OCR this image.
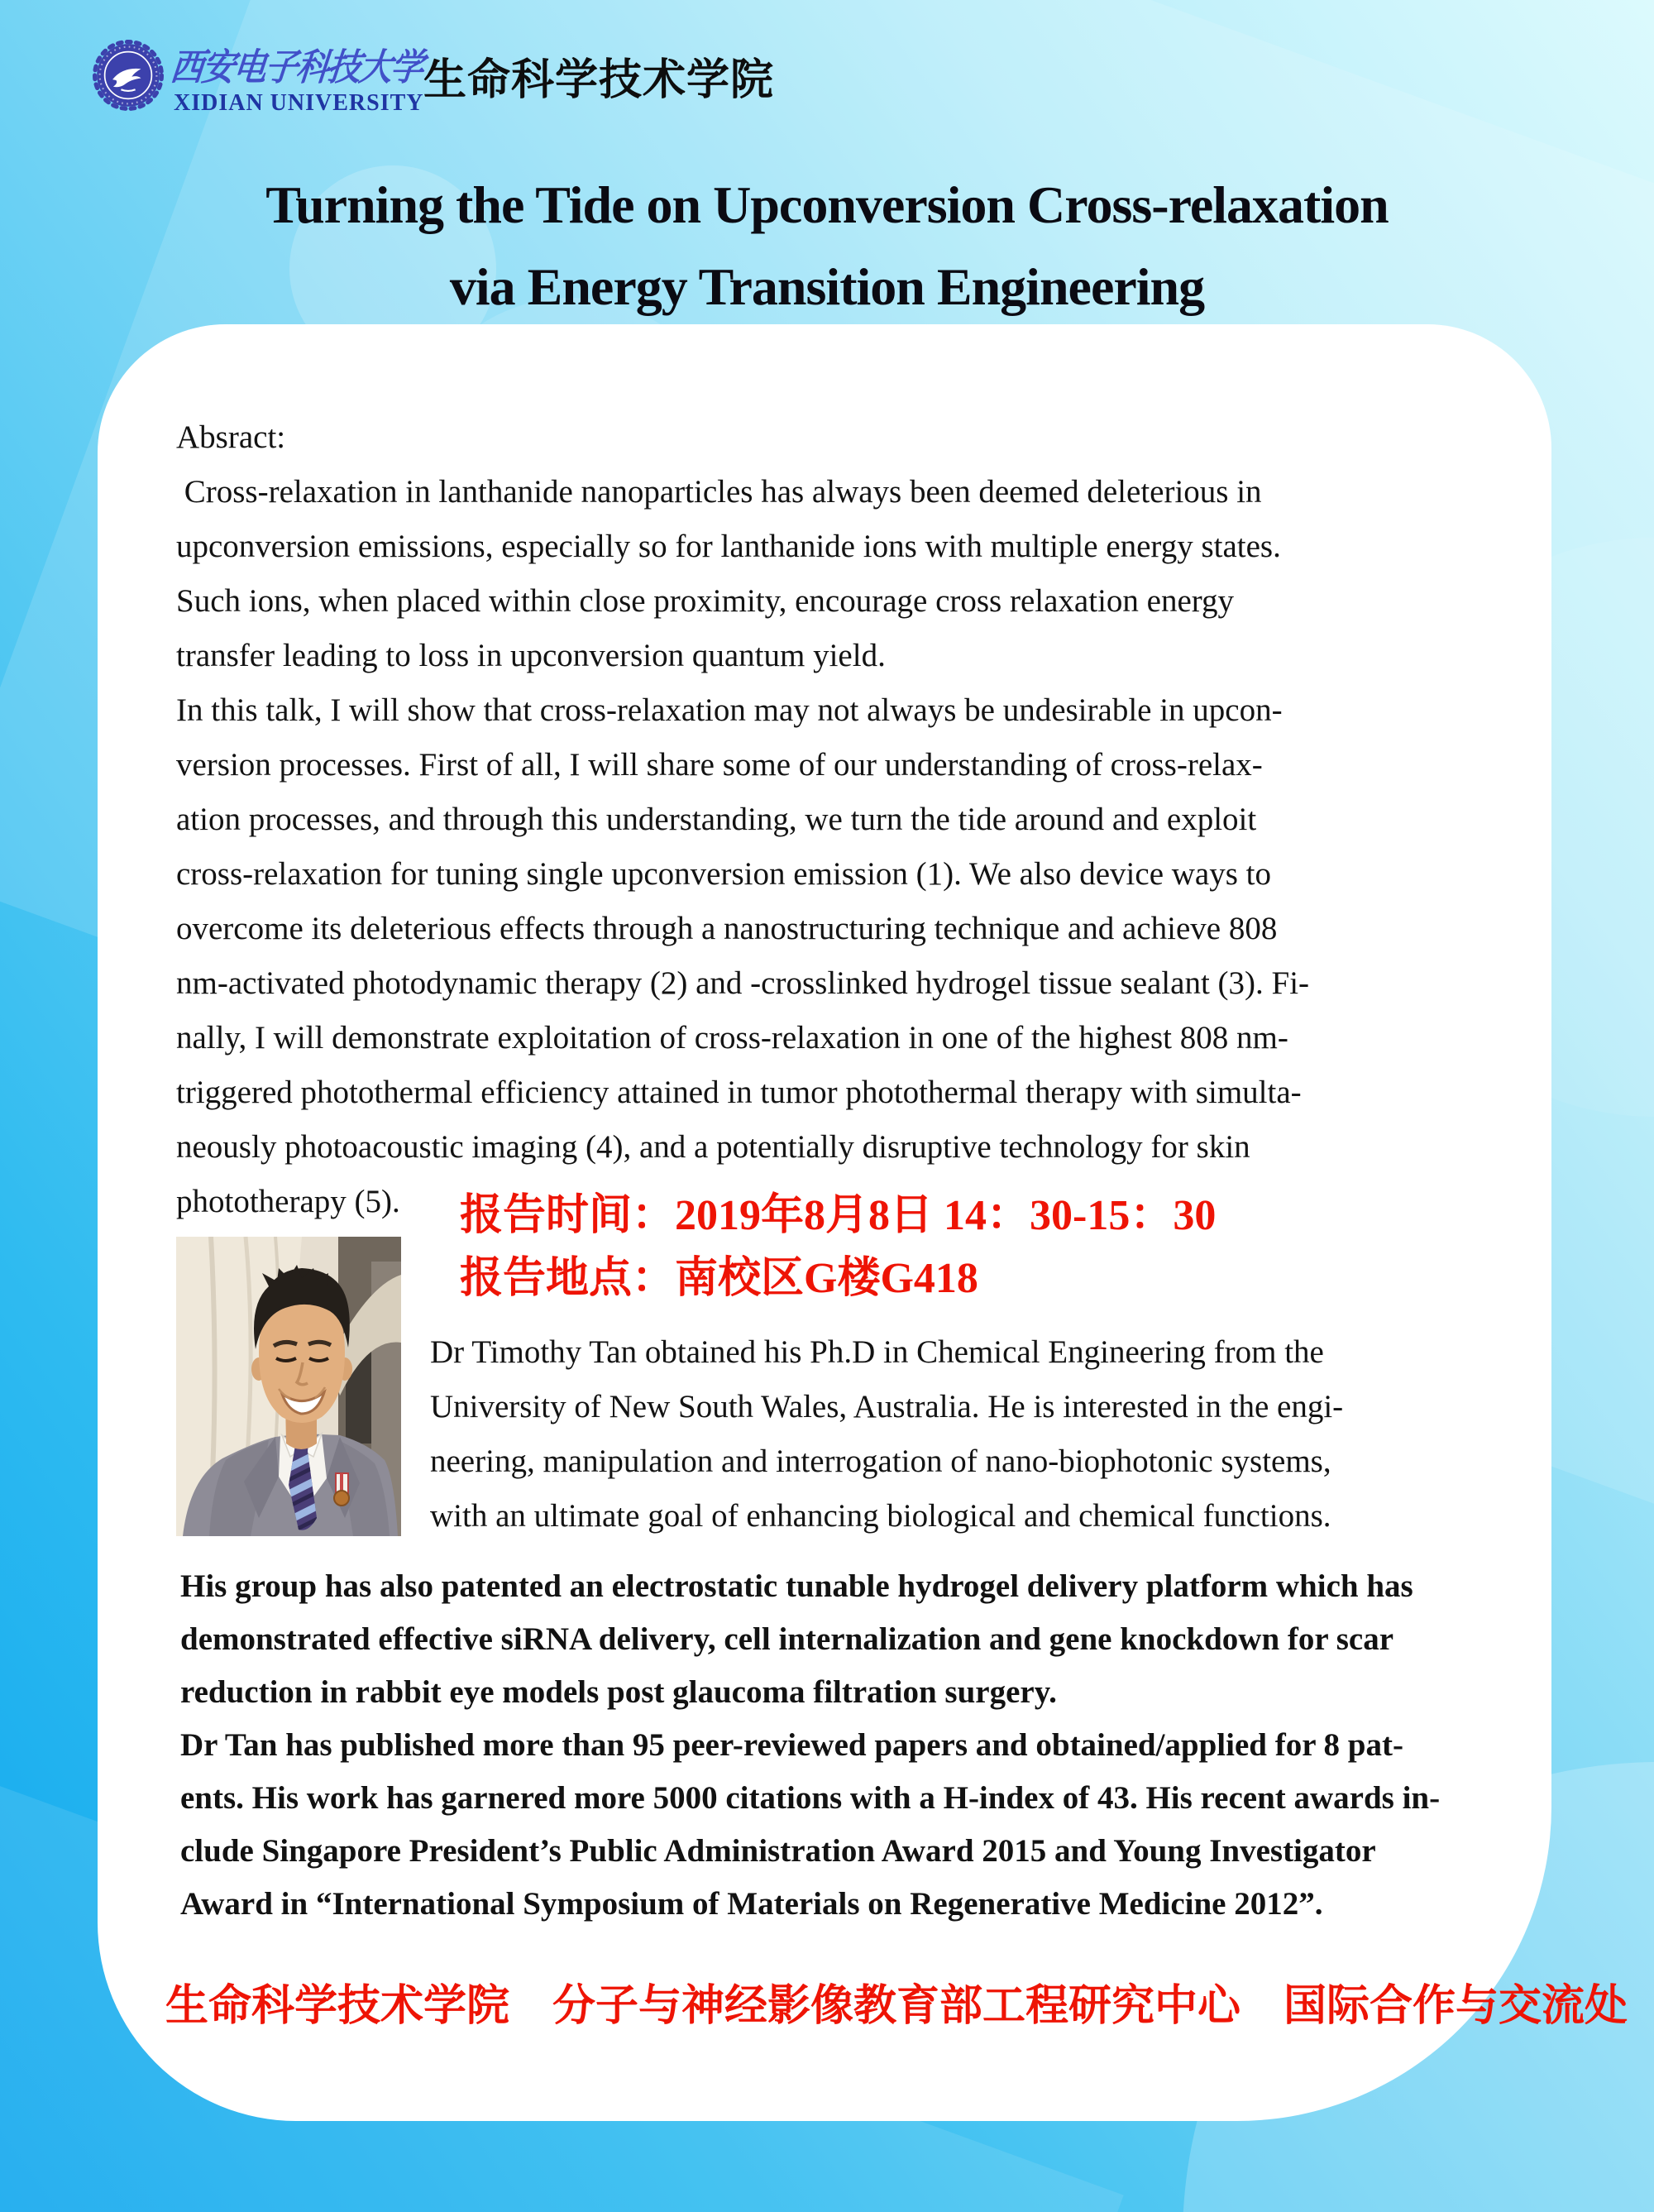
西安电子科技大学
XIDIAN UNIVERSITY 生命科学技术学院
Turning the Tide on Upconversion Cross-relaxation
via Energy Transition Engineering
Absract:
Cross-relaxation in lanthanide nanoparticles has always been deemed deleterious in
upconversion emissions, especially so for lanthanide ions with multiple energy states.
Such ions, when placed within close proximity, encourage cross relaxation energy
transfer leading to loss in upconversion quantum yield.
In this talk, I will show that cross-relaxation may not always be undesirable in upcon-
version processes. First of all, I will share some of our understanding of cross-relax-
ation processes, and through this understanding, we turn the tide around and exploit
cross-relaxation for tuning single upconversion emission (1). We also device ways to
overcome its deleterious effects through a nanostructuring technique and achieve 808
nm-activated photodynamic therapy (2) and -crosslinked hydrogel tissue sealant (3). Fi-
nally, I will demonstrate exploitation of cross-relaxation in one of the highest 808 nm-
triggered photothermal efficiency attained in tumor photothermal therapy with simulta-
neously photoacoustic imaging (4), and a potentially disruptive technology for skin
phototherapy (5).	报告时间：2019年8月8日 14：30-15：30
报告地点：南校区G楼G418
Dr Timothy Tan obtained his Ph.D in Chemical Engineering from the
University of New South Wales, Australia. He is interested in the engi-
neering, manipulation and interrogation of nano-biophotonic systems,
with an ultimate goal of enhancing biological and chemical functions.
His group has also patented an electrostatic tunable hydrogel delivery platform which has
demonstrated effective siRNA delivery, cell internalization and gene knockdown for scar
reduction in rabbit eye models post glaucoma filtration surgery.
Dr Tan has published more than 95 peer-reviewed papers and obtained/applied for 8 pat-
ents. His work has garnered more 5000 citations with a H-index of 43. His recent awards in-
clude Singapore President’s Public Administration Award 2015 and Young Investigator
Award in “International Symposium of Materials on Regenerative Medicine 2012”.
生命科学技术学院　分子与神经影像教育部工程研究中心　国际合作与交流处
